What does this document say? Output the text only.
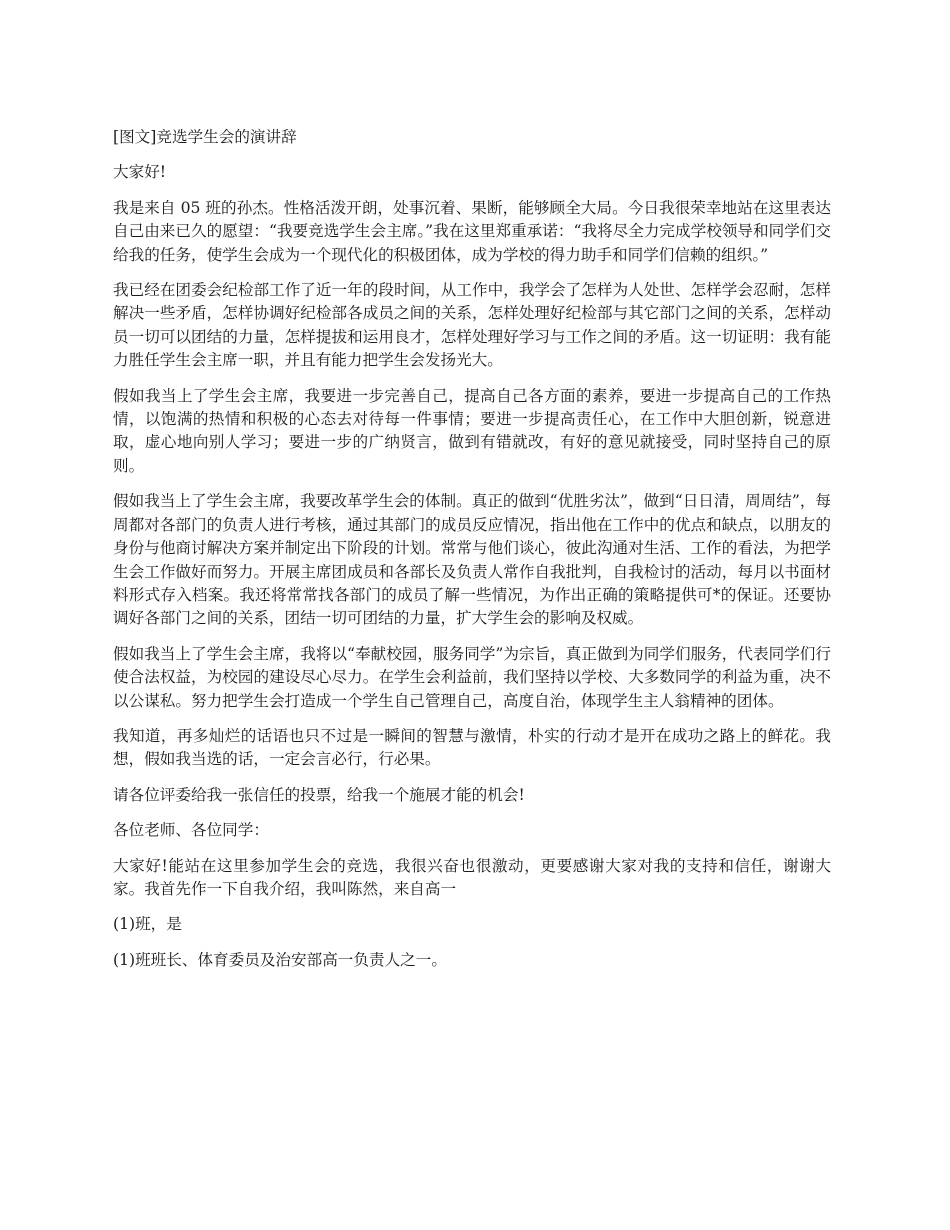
[图文]竞选学生会的演讲辞

大家好!

我是来自 05 班的孙杰。性格活泼开朗，处事沉着、果断，能够顾全大局。今日我很荣幸地站在这里表达自己由来已久的愿望：“我要竞选学生会主席。”我在这里郑重承诺：“我将尽全力完成学校领导和同学们交给我的任务，使学生会成为一个现代化的积极团体，成为学校的得力助手和同学们信赖的组织。”

我已经在团委会纪检部工作了近一年的段时间，从工作中，我学会了怎样为人处世、怎样学会忍耐，怎样解决一些矛盾，怎样协调好纪检部各成员之间的关系，怎样处理好纪检部与其它部门之间的关系，怎样动员一切可以团结的力量，怎样提拔和运用良才，怎样处理好学习与工作之间的矛盾。这一切证明：我有能力胜任学生会主席一职，并且有能力把学生会发扬光大。

假如我当上了学生会主席，我要进一步完善自己，提高自己各方面的素养，要进一步提高自己的工作热情，以饱满的热情和积极的心态去对待每一件事情；要进一步提高责任心，在工作中大胆创新，锐意进取，虚心地向别人学习；要进一步的广纳贤言，做到有错就改，有好的意见就接受，同时坚持自己的原则。

假如我当上了学生会主席，我要改革学生会的体制。真正的做到“优胜劣汰”，做到“日日清，周周结”，每周都对各部门的负责人进行考核，通过其部门的成员反应情况，指出他在工作中的优点和缺点，以朋友的身份与他商讨解决方案并制定出下阶段的计划。常常与他们谈心，彼此沟通对生活、工作的看法，为把学生会工作做好而努力。开展主席团成员和各部长及负责人常作自我批判，自我检讨的活动，每月以书面材料形式存入档案。我还将常常找各部门的成员了解一些情况，为作出正确的策略提供可*的保证。还要协调好各部门之间的关系，团结一切可团结的力量，扩大学生会的影响及权威。

假如我当上了学生会主席，我将以“奉献校园，服务同学”为宗旨，真正做到为同学们服务，代表同学们行使合法权益，为校园的建设尽心尽力。在学生会利益前，我们坚持以学校、大多数同学的利益为重，决不以公谋私。努力把学生会打造成一个学生自己管理自己，高度自治，体现学生主人翁精神的团体。

我知道，再多灿烂的话语也只不过是一瞬间的智慧与激情，朴实的行动才是开在成功之路上的鲜花。我想，假如我当选的话，一定会言必行，行必果。

请各位评委给我一张信任的投票，给我一个施展才能的机会!

各位老师、各位同学：

大家好!能站在这里参加学生会的竞选，我很兴奋也很激动，更要感谢大家对我的支持和信任，谢谢大家。我首先作一下自我介绍，我叫陈然，来自高一

(1)班，是

(1)班班长、体育委员及治安部高一负责人之一。
